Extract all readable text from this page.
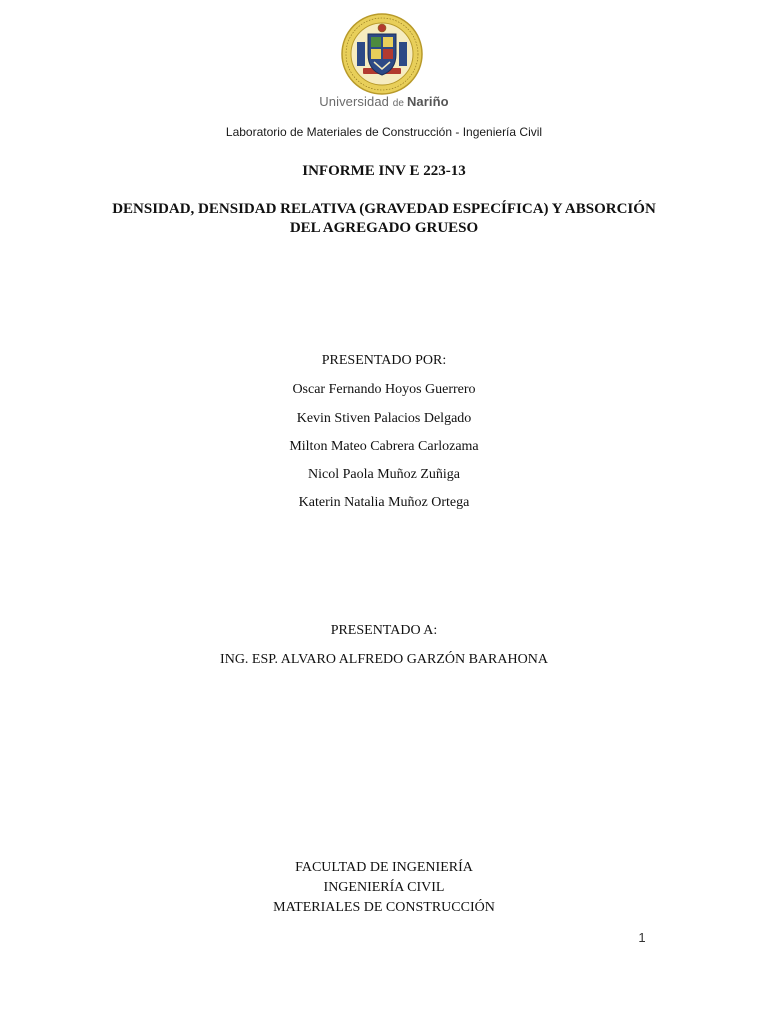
Universidad de Nariño
Laboratorio de Materiales de Construcción - Ingeniería Civil
INFORME INV E 223-13
DENSIDAD, DENSIDAD RELATIVA (GRAVEDAD ESPECÍFICA) Y ABSORCIÓN
DEL AGREGADO GRUESO
PRESENTADO POR:
Oscar Fernando Hoyos Guerrero
Kevin Stiven Palacios Delgado
Milton Mateo Cabrera Carlozama
Nicol Paola Muñoz Zuñiga
Katerin Natalia Muñoz Ortega
PRESENTADO A:
ING. ESP. ALVARO ALFREDO GARZÓN BARAHONA
FACULTAD DE INGENIERÍA
INGENIERÍA CIVIL
MATERIALES DE CONSTRUCCIÓN
1
